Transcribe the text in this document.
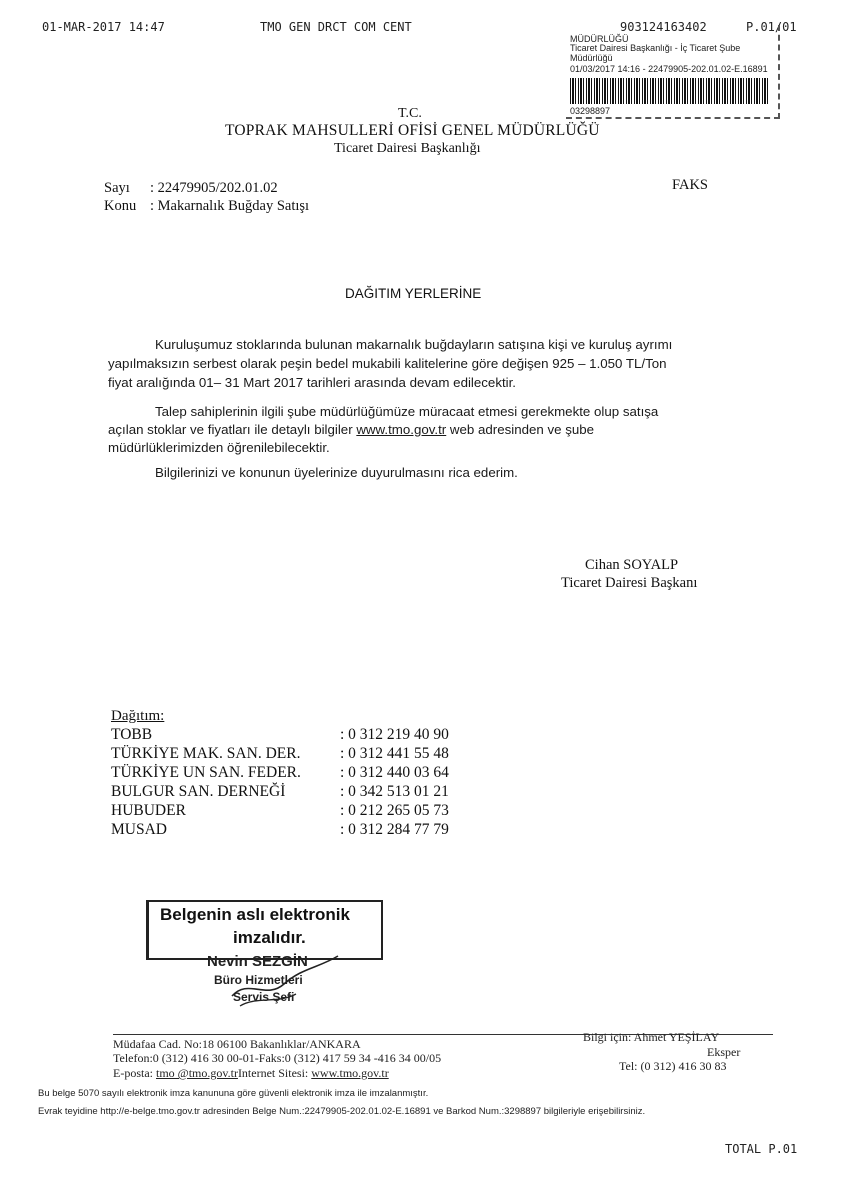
01-MAR-2017 14:47	TMO GEN DRCT COM CENT	903124163402	P.01/01
MÜDÜRLÜĞÜ
Ticaret Dairesi Başkanlığı - İç Ticaret Şube
Müdürlüğü
01/03/2017 14:16 - 22479905-202.01.02-E.16891
03298897
T.C.
TOPRAK MAHSULLERİ OFİSİ GENEL MÜDÜRLÜĞÜ
Ticaret Dairesi Başkanlığı
Sayı : 22479905/202.01.02
Konu : Makarnalık Buğday Satışı
FAKS
DAĞITIM YERLERİNE
Kuruluşumuz stoklarında bulunan makarnalık buğdayların satışına kişi ve kuruluş ayrımı
yapılmaksızın serbest olarak peşin bedel mukabili kalitelerine göre değişen 925 – 1.050 TL/Ton
fiyat aralığında 01– 31 Mart 2017 tarihleri arasında devam edilecektir.
Talep sahiplerinin ilgili şube müdürlüğümüze müracaat etmesi gerekmekte olup satışa
açılan stoklar ve fiyatları ile detaylı bilgiler www.tmo.gov.tr web adresinden ve şube
müdürlüklerimizden öğrenilebilecektir.
Bilgilerinizi ve konunun üyelerinize duyurulmasını rica ederim.
Cihan SOYALP
Ticaret Dairesi Başkanı
Dağıtım:
TOBB	: 0 312 219 40 90
TÜRKİYE MAK. SAN. DER.	: 0 312 441 55 48
TÜRKİYE UN SAN. FEDER.	: 0 312 440 03 64
BULGUR SAN. DERNEĞİ	: 0 342 513 01 21
HUBUDER	: 0 212 265 05 73
MUSAD	: 0 312 284 77 79
Belgenin aslı elektronik
imzalıdır.
Nevin SEZGİN
Büro Hizmetleri
Servis Şefi
Müdafaa Cad. No:18 06100 Bakanlıklar/ANKARA
Telefon:0 (312) 416 30 00-01-Faks:0 (312) 417 59 34 -416 34 00/05
E-posta: tmo @tmo.gov.trInternet Sitesi: www.tmo.gov.tr
Bilgi için: Ahmet YEŞİLAY
Eksper
Tel: (0 312) 416 30 83
Bu belge 5070 sayılı elektronik imza kanununa göre güvenli elektronik imza ile imzalanmıştır.
Evrak teyidine http://e-belge.tmo.gov.tr adresinden Belge Num.:22479905-202.01.02-E.16891 ve Barkod Num.:3298897 bilgileriyle erişebilirsiniz.
TOTAL P.01
